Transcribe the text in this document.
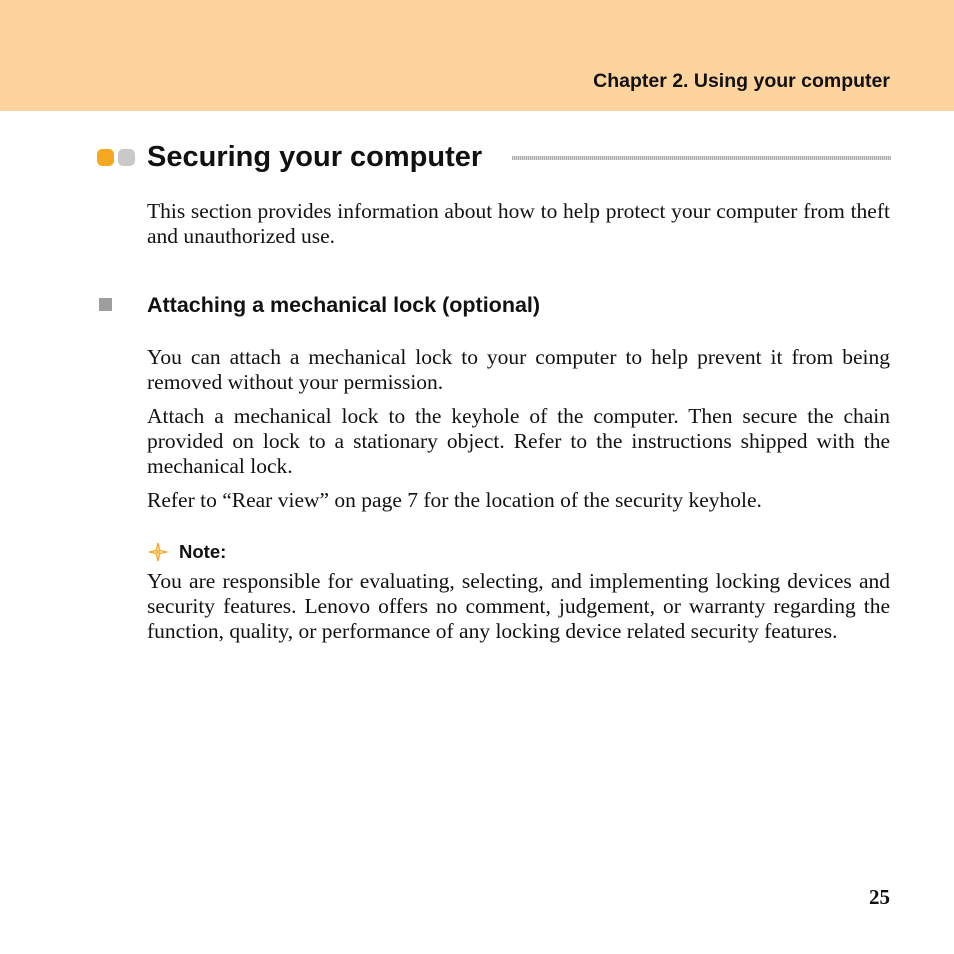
Chapter 2. Using your computer
Securing your computer

This section provides information about how to help protect your computer from theft and unauthorized use.

Attaching a mechanical lock (optional)

You can attach a mechanical lock to your computer to help prevent it from being removed without your permission.

Attach a mechanical lock to the keyhole of the computer. Then secure the chain provided on lock to a stationary object. Refer to the instructions shipped with the mechanical lock.

Refer to “Rear view” on page 7 for the location of the security keyhole.

Note:

You are responsible for evaluating, selecting, and implementing locking devices and security features. Lenovo offers no comment, judgement, or warranty regarding the function, quality, or performance of any locking device related security features.

25
